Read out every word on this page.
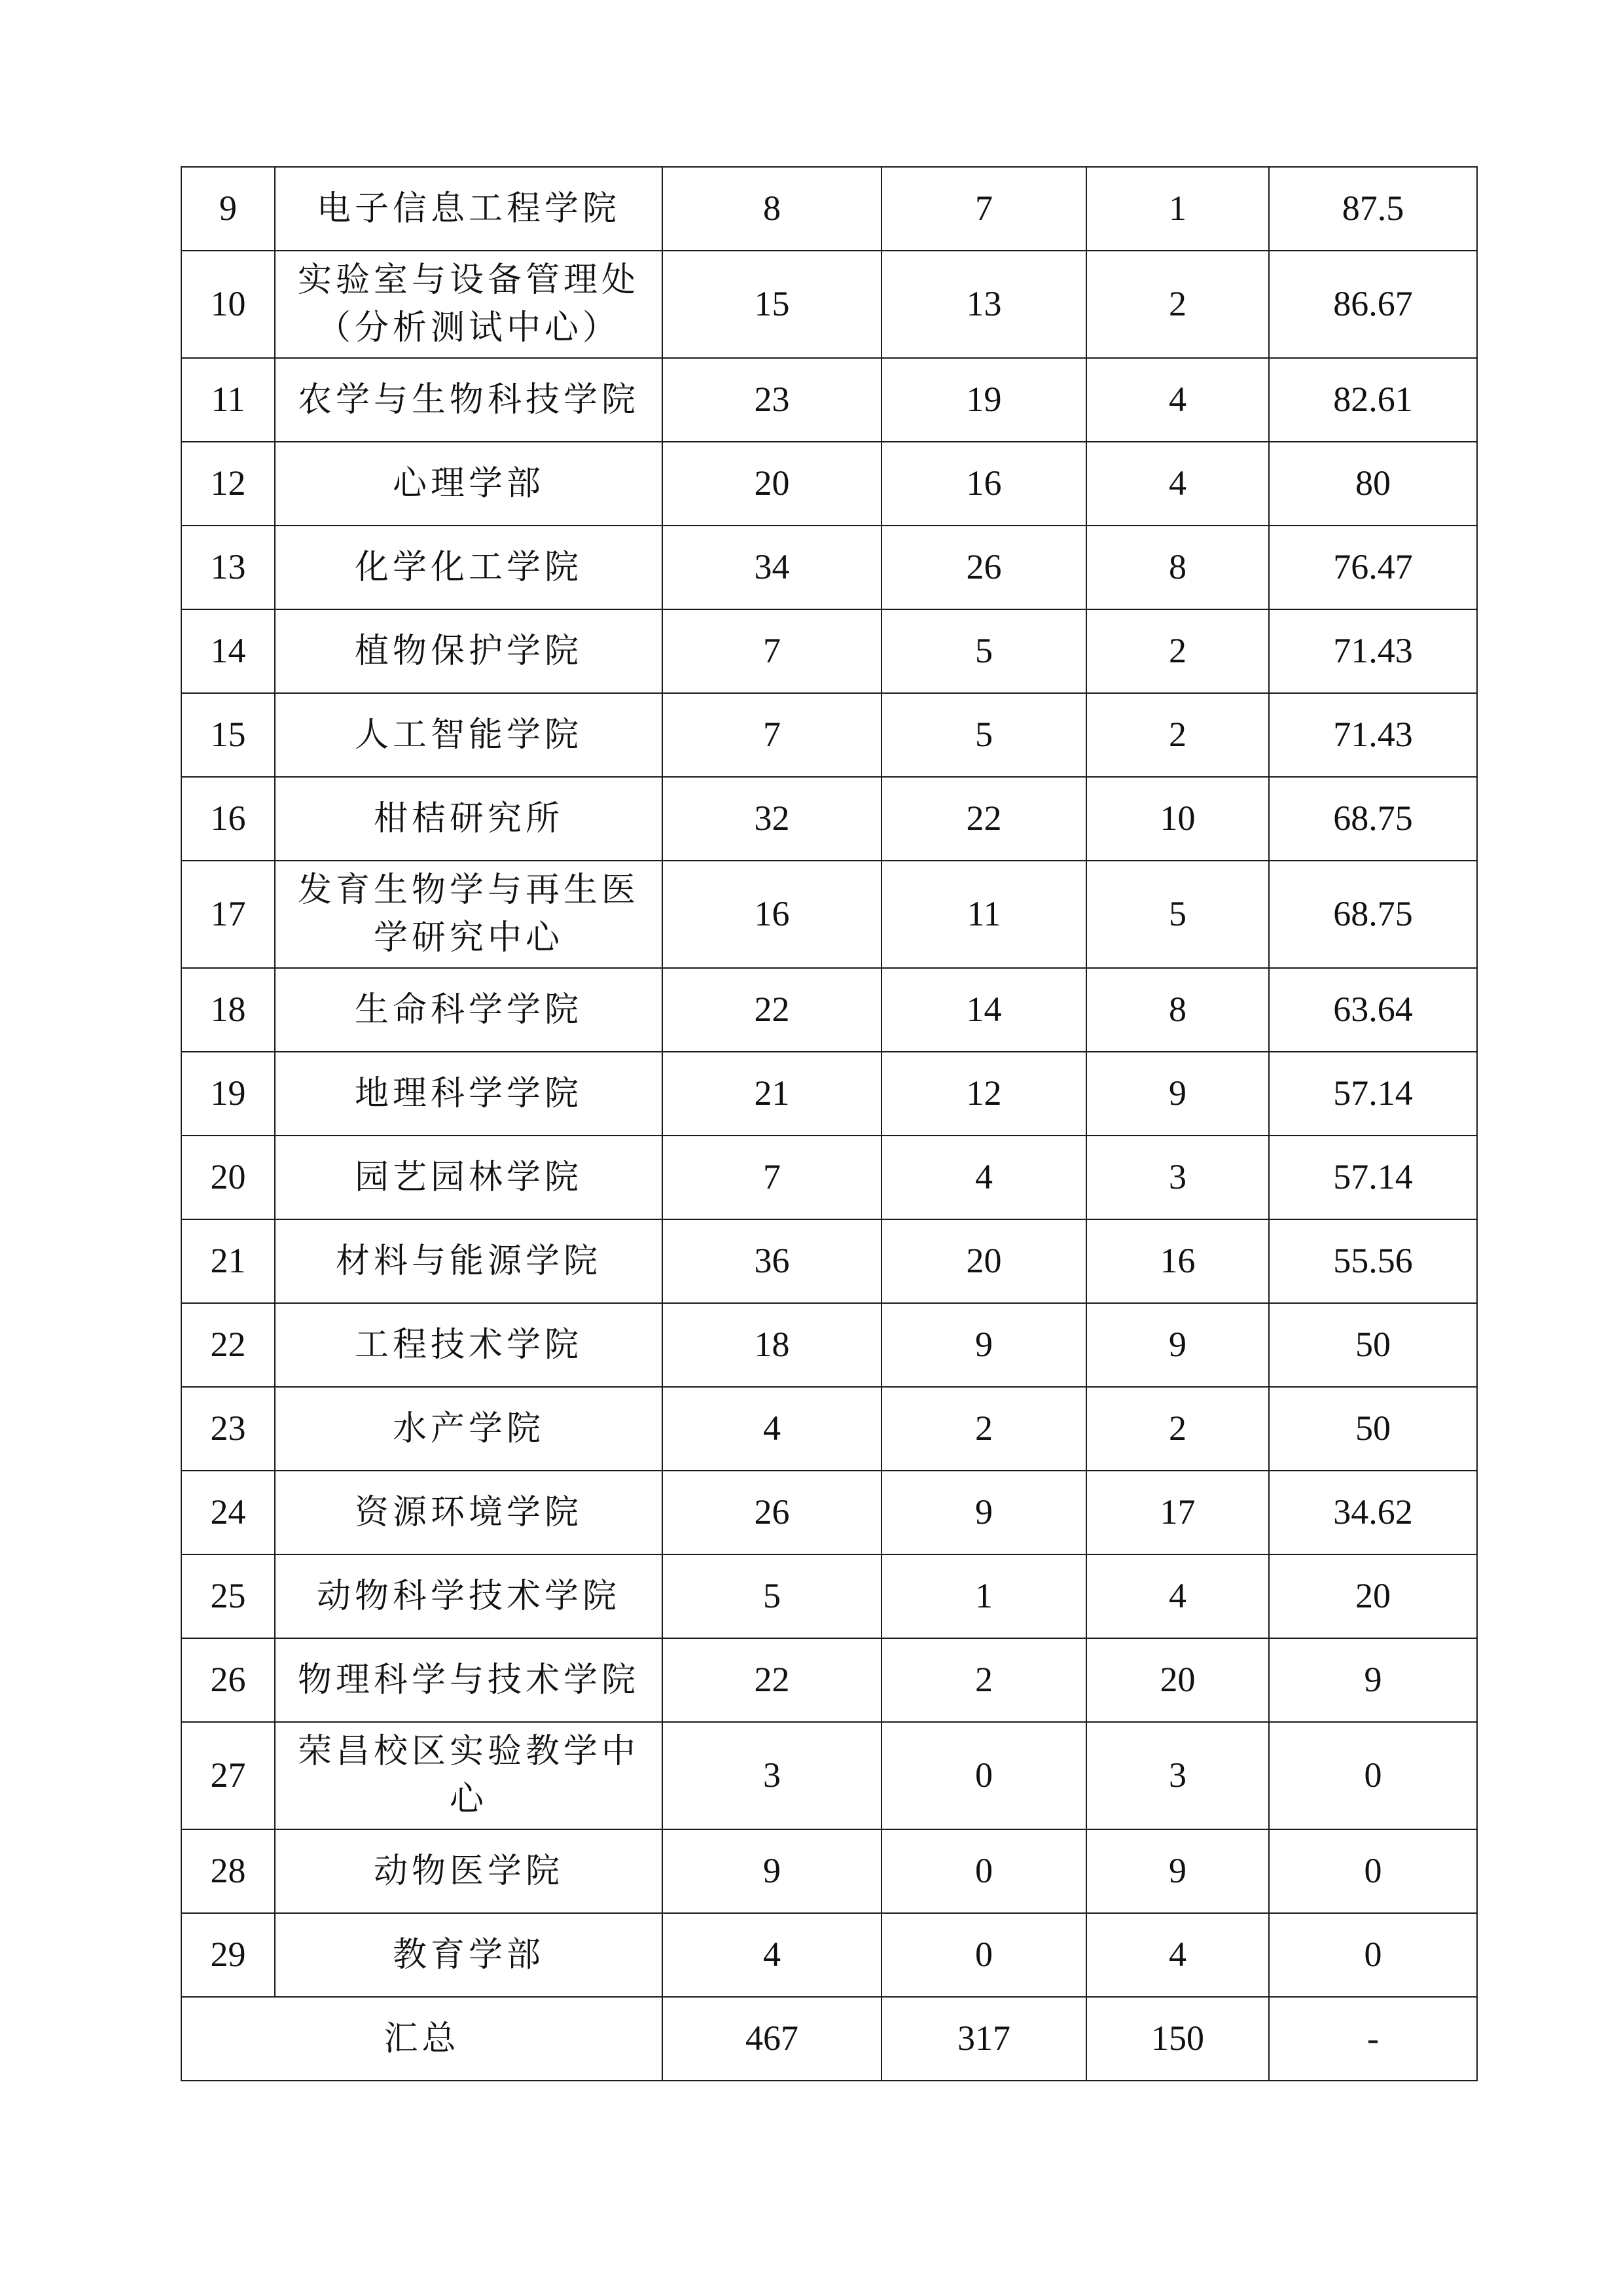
9	电子信息工程学院	8	7	1	87.5
10	实验室与设备管理处（分析测试中心）	15	13	2	86.67
11	农学与生物科技学院	23	19	4	82.61
12	心理学部	20	16	4	80
13	化学化工学院	34	26	8	76.47
14	植物保护学院	7	5	2	71.43
15	人工智能学院	7	5	2	71.43
16	柑桔研究所	32	22	10	68.75
17	发育生物学与再生医学研究中心	16	11	5	68.75
18	生命科学学院	22	14	8	63.64
19	地理科学学院	21	12	9	57.14
20	园艺园林学院	7	4	3	57.14
21	材料与能源学院	36	20	16	55.56
22	工程技术学院	18	9	9	50
23	水产学院	4	2	2	50
24	资源环境学院	26	9	17	34.62
25	动物科学技术学院	5	1	4	20
26	物理科学与技术学院	22	2	20	9
27	荣昌校区实验教学中心	3	0	3	0
28	动物医学院	9	0	9	0
29	教育学部	4	0	4	0
汇总		467	317	150	-
